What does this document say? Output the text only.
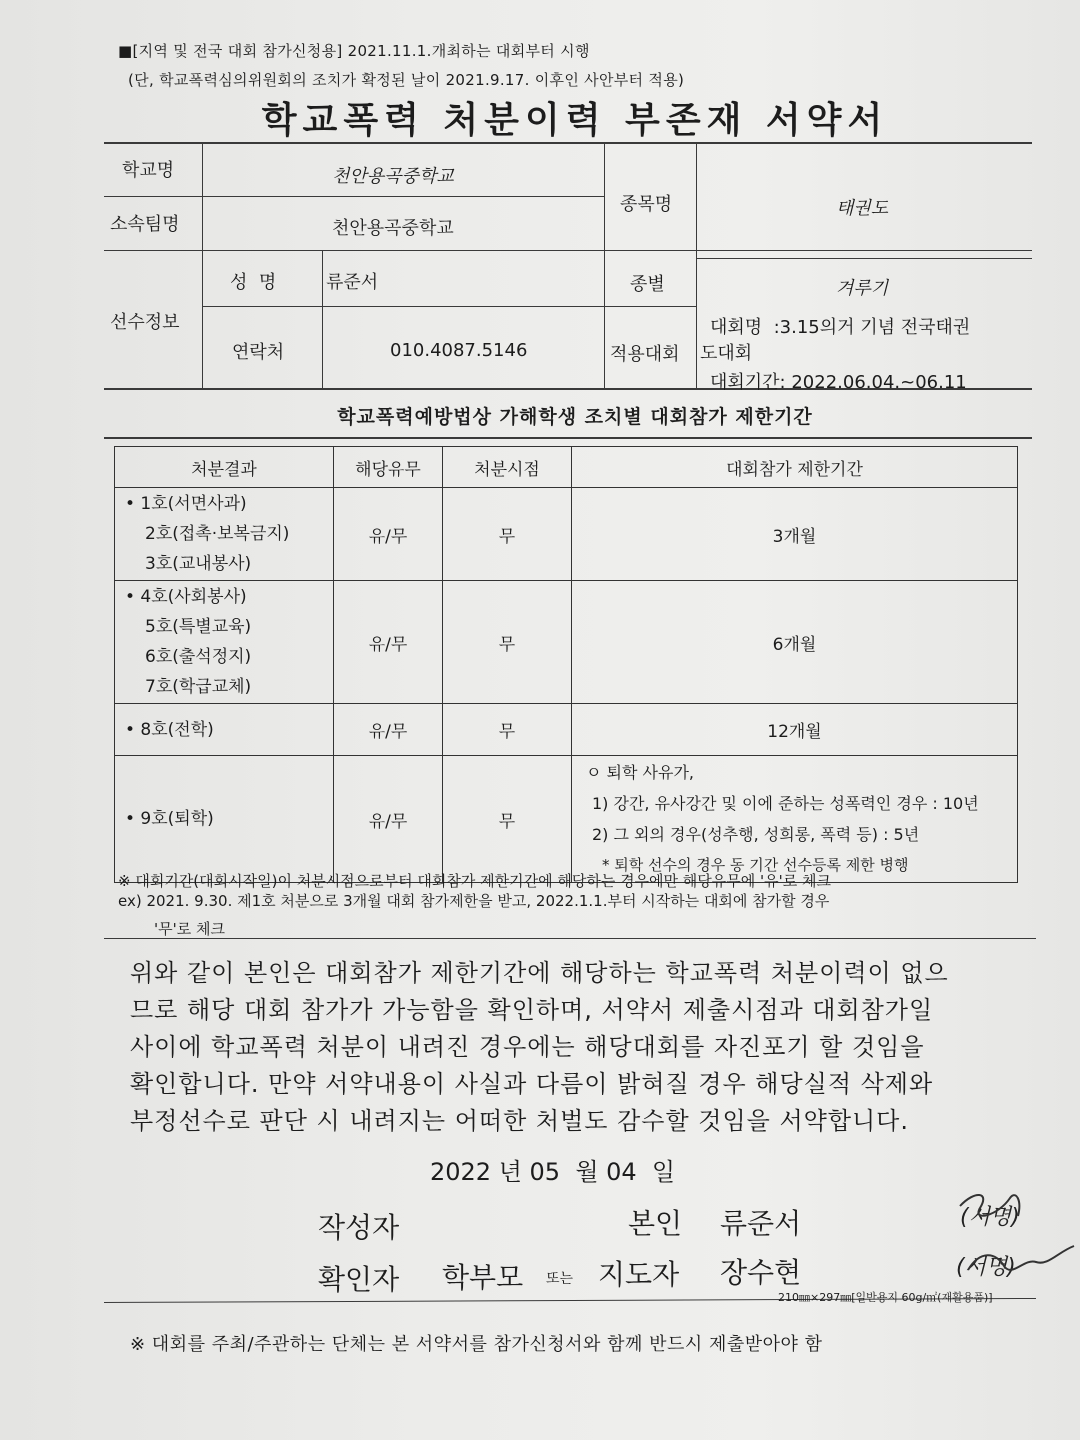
■[지역 및 전국 대회 참가신청용] 2021.11.1.개최하는 대회부터 시행
(단, 학교폭력심의위원회의 조치가 확정된 날이 2021.9.17. 이후인 사안부터 적용)
학교폭력 처분이력 부존재 서약서
학교명	천안용곡중학교
소속팀명	천안용곡중학교
종목명	태권도
선수정보
성  명	류준서	종별	겨루기
연락처	010.4087.5146	적용대회
대회명  :3.15의거 기념 전국태권
도대회
대회기간: 2022.06.04.~06.11
학교폭력예방법상 가해학생 조치별 대회참가 제한기간
처분결과	해당유무	처분시점	대회참가 제한기간

• 1호(서면사과)
2호(접촉·보복금지)
3호(교내봉사)	유/무	무	3개월

• 4호(사회봉사)
5호(특별교육)
6호(출석정지)
7호(학급교체)	유/무	무	6개월

• 8호(전학)	유/무	무	12개월

• 9호(퇴학)	유/무	무	ㅇ 퇴학 사유가,
1) 강간, 유사강간 및 이에 준하는 성폭력인 경우 : 10년
2) 그 외의 경우(성추행, 성희롱, 폭력 등) : 5년
* 퇴학 선수의 경우 동 기간 선수등록 제한 병행
※ 대회기간(대회시작일)이 처분시점으로부터 대회참가 제한기간에 해당하는 경우에만 해당유무에 '유'로 체크
ex) 2021. 9.30. 제1호 처분으로 3개월 대회 참가제한을 받고, 2022.1.1.부터 시작하는 대회에 참가할 경우
'무'로 체크
위와 같이 본인은 대회참가 제한기간에 해당하는 학교폭력 처분이력이 없으
므로 해당 대회 참가가 가능함을 확인하며, 서약서 제출시점과 대회참가일
사이에 학교폭력 처분이 내려진 경우에는 해당대회를 자진포기 할 것임을
확인합니다. 만약 서약내용이 사실과 다름이 밝혀질 경우 해당실적 삭제와
부정선수로 판단 시 내려지는 어떠한 처벌도 감수할 것임을 서약합니다.
2022 년 05  월 04  일
작성자	본인 류준서	(서명)
확인자 학부모 또는 지도자 장수현	(서명)
210㎜×297㎜[일반용지 60g/㎡(재활용품)]
※ 대회를 주최/주관하는 단체는 본 서약서를 참가신청서와 함께 반드시 제출받아야 함
